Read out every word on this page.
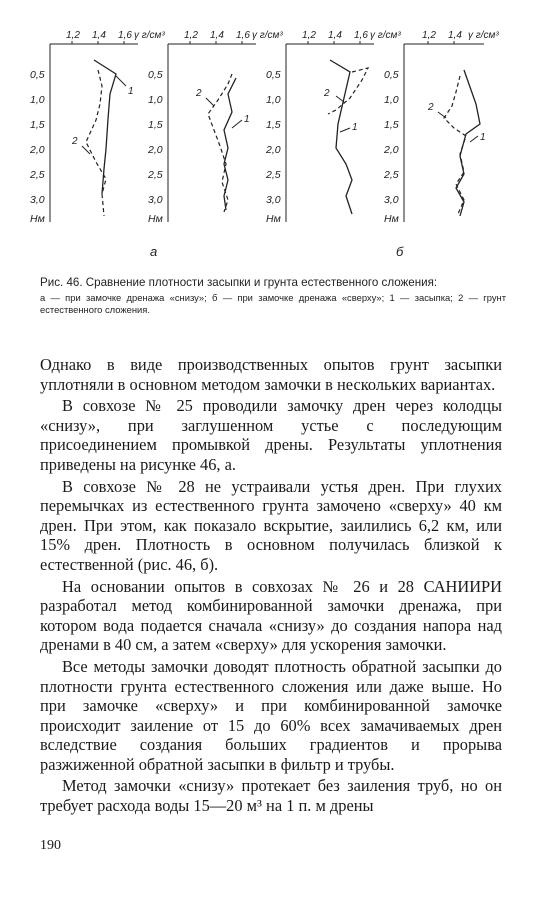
1,2 1,4 1,6 γ г/см³
0,5
1,0
1,5
2,0
2,5
3,0
Нм
1
2
1,2 1,4 1,6 γ г/см³
0,5
1,0
1,5
2,0
2,5
3,0
Нм
2
1
1,2 1,4 1,6 γ г/см³
0,5
1,0
1,5
2,0
2,5
3,0
Нм
2
1
1,2 1,4 γ г/см³
0,5
1,0
1,5
2,0
2,5
3,0
Нм
2
1
а	б

Рис. 46. Сравнение плотности засыпки и грунта естественного сложения:

а — при замочке дренажа «снизу»; б — при замочке дренажа «сверху»; 1 — засыпка; 2 — грунт естественного сложения.

Однако в виде производственных опытов грунт засыпки уплотняли в основном методом замочки в нескольких вариантах.

В совхозе № 25 проводили замочку дрен через колодцы «снизу», при заглушенном устье с последующим присоединением промывкой дрены. Результаты уплотнения приведены на рисунке 46, а.

В совхозе № 28 не устраивали устья дрен. При глухих перемычках из естественного грунта замочено «сверху» 40 км дрен. При этом, как показало вскрытие, заилились 6,2 км, или 15% дрен. Плотность в основном получилась близкой к естественной (рис. 46, б).

На основании опытов в совхозах № 26 и 28 САНИИРИ разработал метод комбинированной замочки дренажа, при котором вода подается сначала «снизу» до создания напора над дренами в 40 см, а затем «сверху» для ускорения замочки.

Все методы замочки доводят плотность обратной засыпки до плотности грунта естественного сложения или даже выше. Но при замочке «сверху» и при комбинированной замочке происходит заиление от 15 до 60% всех замачиваемых дрен вследствие создания больших градиентов и прорыва разжиженной обратной засыпки в фильтр и трубы.

Метод замочки «снизу» протекает без заиления труб, но он требует расхода воды 15—20 м³ на 1 п. м дрены

190
